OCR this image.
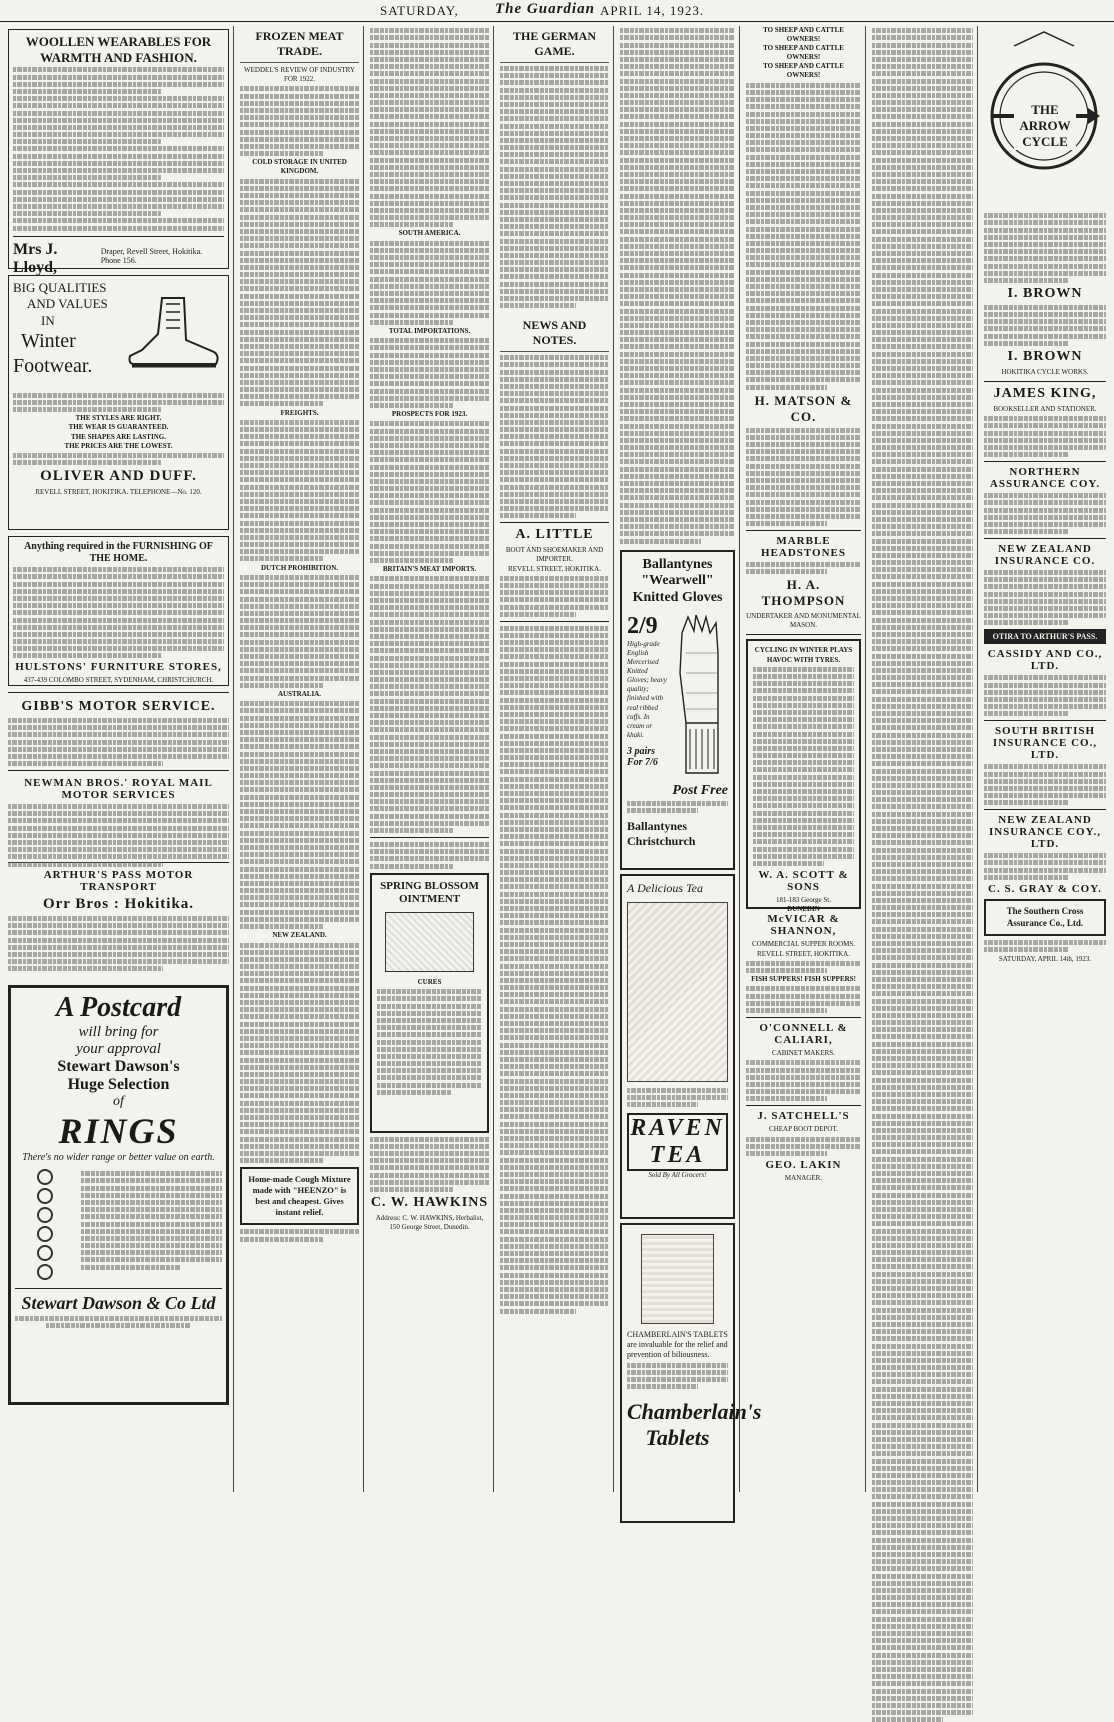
SATURDAY, The Guardian APRIL 14, 1923.
WOOLLEN WEARABLES FOR WARMTH AND FASHION.
Mrs J. Lloyd,
Draper, Revell Street, Hokitika. Phone 156.
BIG QUALITIES
AND VALUES
IN
Winter
Footwear.
THE STYLES ARE RIGHT.
THE WEAR IS GUARANTEED.
THE SHAPES ARE LASTING.
THE PRICES ARE THE LOWEST.
OLIVER AND DUFF.
REVELL STREET, HOKITIKA. TELEPHONE—No. 120.
Anything required in the FURNISHING OF THE HOME.
HULSTONS' FURNITURE STORES,
437-439 COLOMBO STREET, SYDENHAM, CHRISTCHURCH.
GIBB'S MOTOR SERVICE.
NEWMAN BROS.' ROYAL MAIL MOTOR SERVICES
ARTHUR'S PASS MOTOR TRANSPORT
Orr Bros : Hokitika.
A Postcard
will bring for
your approval
Stewart Dawson's
Huge Selection
of
RINGS
There's no wider range or better value on earth.
Stewart Dawson & Co Ltd
FROZEN MEAT TRADE.
WEDDEL'S REVIEW OF INDUSTRY FOR 1922.
COLD STORAGE IN UNITED KINGDOM.
FREIGHTS.
DUTCH PROHIBITION.
AUSTRALIA.
NEW ZEALAND.
Home-made Cough Mixture made with "HEENZO" is best and cheapest. Gives instant relief.
SOUTH AMERICA.
TOTAL IMPORTATIONS.
PROSPECTS FOR 1923.
BRITAIN'S MEAT IMPORTS.
SPRING BLOSSOM OINTMENT
CURES
C. W. HAWKINS
Address: C. W. HAWKINS, Herbalist, 150 George Street, Dunedin.
THE GERMAN GAME.
NEWS AND NOTES.
A. LITTLE
BOOT AND SHOEMAKER AND IMPORTER.
REVELL STREET, HOKITIKA.	Ballantynes "Wearwell" Knitted Gloves
2/9
High-grade English Mercerised Knitted Gloves; heavy quality; finished with real ribbed cuffs. In cream or khaki.
3 pairs For 7/6
Post Free
Ballantynes Christchurch
A Delicious Tea
RAVEN TEA
Sold By All Grocers!
CHAMBERLAIN'S TABLETS are invaluable for the relief and prevention of biliousness.
Chamberlain's Tablets
TO SHEEP AND CATTLE OWNERS!
TO SHEEP AND CATTLE OWNERS!
TO SHEEP AND CATTLE OWNERS!
H. MATSON & CO.
MARBLE HEADSTONES
H. A. THOMPSON
UNDERTAKER AND MONUMENTAL MASON.
CYCLING IN WINTER PLAYS HAVOC WITH TYRES.
W. A. SCOTT & SONS
181-183 George St.
DUNEDIN
McVICAR & SHANNON,
COMMERCIAL SUPPER ROOMS.
REVELL STREET, HOKITIKA.
FISH SUPPERS! FISH SUPPERS!
O'CONNELL & CALIARI,
CABINET MAKERS.
J. SATCHELL'S
CHEAP BOOT DEPOT.
GEO. LAKIN
MANAGER.
THE ARROW CYCLE
I. BROWN
I. BROWN
HOKITIKA CYCLE WORKS.
JAMES KING,
BOOKSELLER AND STATIONER.
NORTHERN ASSURANCE COY.
NEW ZEALAND INSURANCE CO.
OTIRA TO ARTHUR'S PASS.
CASSIDY AND CO., LTD.
SOUTH BRITISH INSURANCE CO., LTD.
NEW ZEALAND INSURANCE COY., LTD.
C. S. GRAY & COY.
The Southern Cross Assurance Co., Ltd.
SATURDAY, APRIL 14th, 1923.
